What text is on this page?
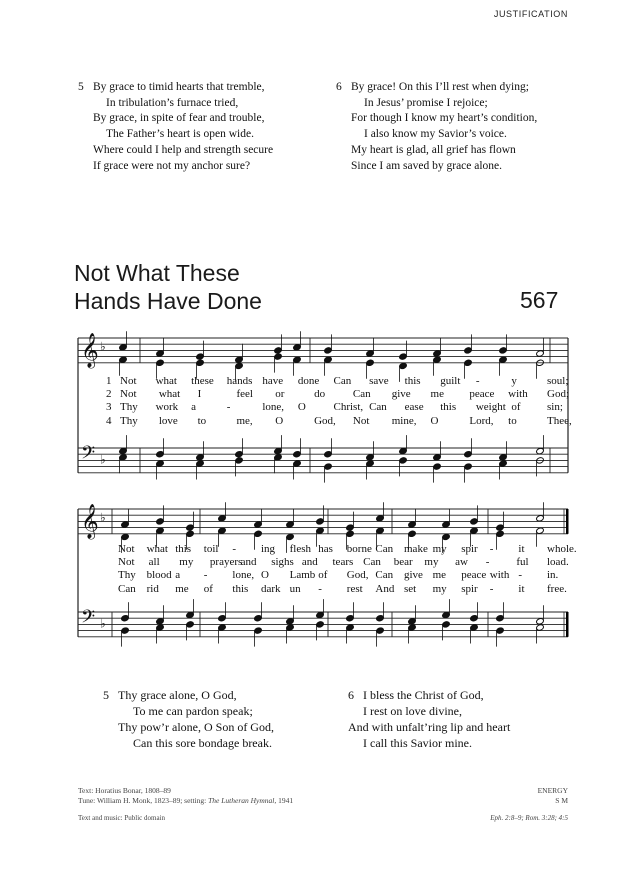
JUSTIFICATION
5 By grace to timid hearts that tremble,
In tribulation’s furnace tried,
By grace, in spite of fear and trouble,
The Father’s heart is open wide.
Where could I help and strength secure
If grace were not my anchor sure?
6 By grace! On this I’ll rest when dying;
In Jesus’ promise I rejoice;
For though I know my heart’s condition,
I also know my Savior’s voice.
My heart is glad, all grief has flown
Since I am saved by grace alone.
Not What These
Hands Have Done	567
𝄞 ♭
𝄢 ♭
𝄞 ♭
𝄢 ♭
1 Not what these hands have done Can save this guilt -	y	soul;
2 Not what I	feel or	do	Can give me peace with God;
3 Thy work a	-	lone, O	Christ, Can ease this weight of sin;
4 Thy love to	me, O	God, Not mine, O	Lord, to	Thee,
Not what this toil - ing flesh has borne Can make my spir - it whole.
Not all my prayers
and sighs and tears Can bear my aw - ful load.
Thy blood a - lone, O Lamb of God, Can give me peace with - in.
Can rid me of this dark un - rest And set my spir - it free.
5 Thy grace alone, O God,
To me can pardon speak;
Thy pow’r alone, O Son of God,
Can this sore bondage break.
6 I bless the Christ of God,
I rest on love divine,
And with unfalt’ring lip and heart
I call this Savior mine.
Text: Horatius Bonar, 1808–89
Tune: William H. Monk, 1823–89; setting: The Lutheran Hymnal, 1941
ENERGY
S M
Text and music: Public domain	Eph. 2:8–9; Rom. 3:28; 4:5
